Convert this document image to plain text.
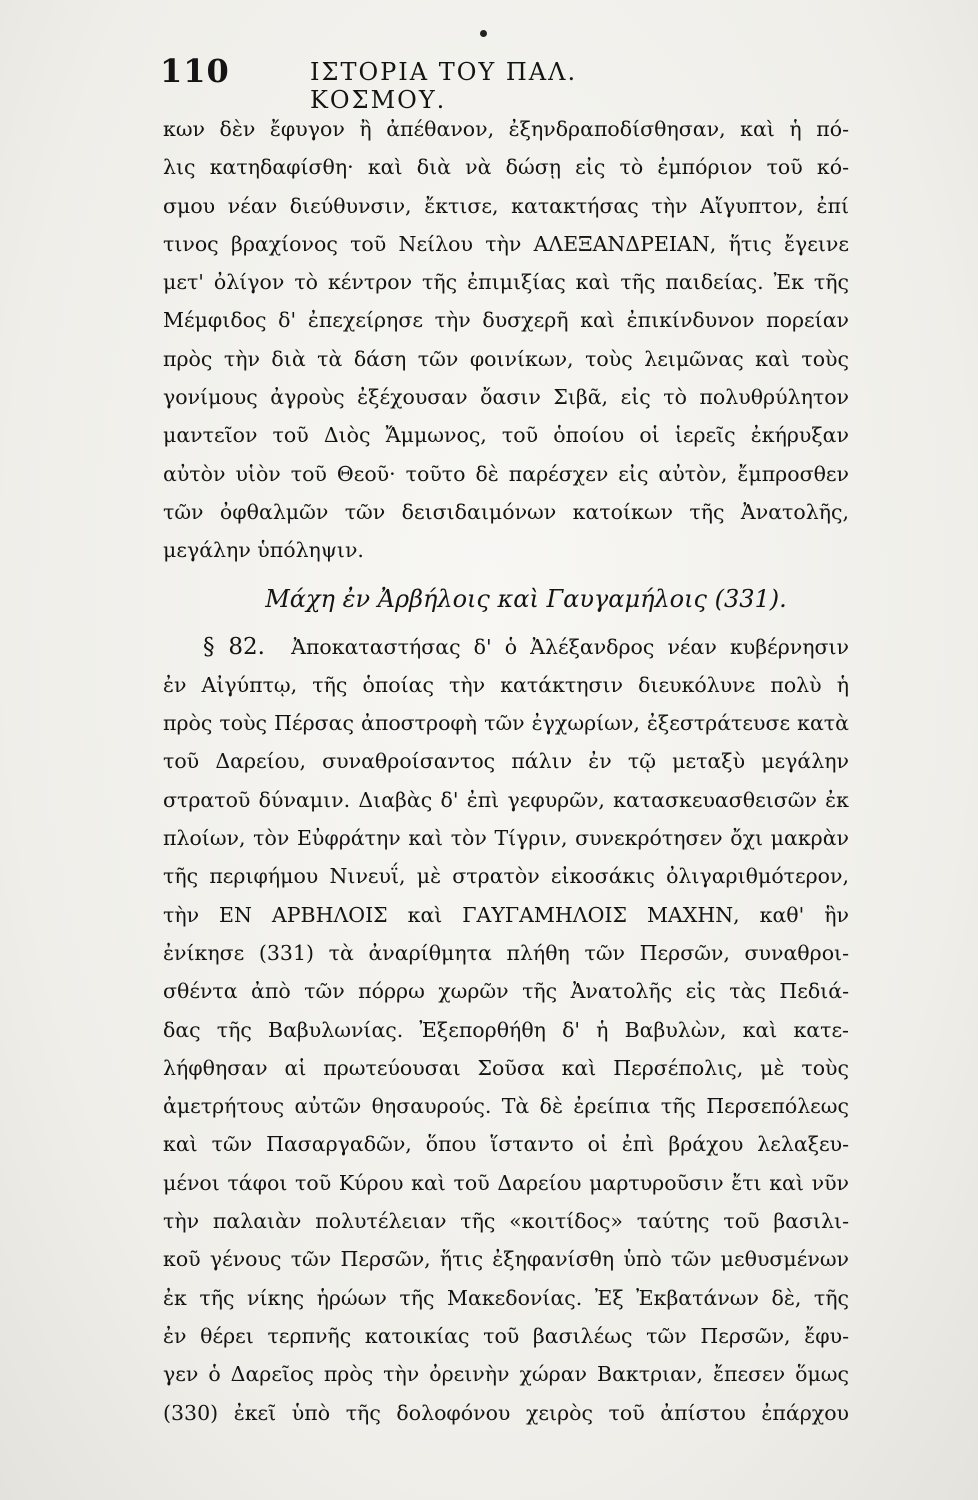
110	ΙΣΤΟΡΙΑ ΤΟΥ ΠΑΛ. ΚΟΣΜΟΥ.
κων δὲν ἔφυγον ἢ ἀπέθανον, ἐξηνδραποδίσθησαν, καὶ ἡ πό-
λις κατηδαφίσθη· καὶ διὰ νὰ δώσῃ εἰς τὸ ἐμπόριον τοῦ κό-
σμου νέαν διεύθυνσιν, ἔκτισε, κατακτήσας τὴν Αἴγυπτον, ἐπί
τινος βραχίονος τοῦ Νείλου τὴν ΑΛΕΞΑΝΔΡΕΙΑΝ, ἥτις ἔγεινε
μετ' ὀλίγον τὸ κέντρον τῆς ἐπιμιξίας καὶ τῆς παιδείας. Ἐκ τῆς
Μέμφιδος δ' ἐπεχείρησε τὴν δυσχερῆ καὶ ἐπικίνδυνον πορείαν
πρὸς τὴν διὰ τὰ δάση τῶν φοινίκων, τοὺς λειμῶνας καὶ τοὺς
γονίμους ἀγροὺς ἐξέχουσαν ὄασιν Σιβᾶ, εἰς τὸ πολυθρύλητον
μαντεῖον τοῦ Διὸς Ἄμμωνος, τοῦ ὁποίου οἱ ἱερεῖς ἐκήρυξαν
αὐτὸν υἱὸν τοῦ Θεοῦ· τοῦτο δὲ παρέσχεν εἰς αὐτὸν, ἔμπροσθεν
τῶν ὀφθαλμῶν τῶν δεισιδαιμόνων κατοίκων τῆς Ἀνατολῆς,
μεγάλην ὑπόληψιν.
Μάχη ἐν Ἀρβήλοις καὶ Γαυγαμήλοις (331).
§ 82. Ἀποκαταστήσας δ' ὁ Ἀλέξανδρος νέαν κυβέρνησιν
ἐν Αἰγύπτῳ, τῆς ὁποίας τὴν κατάκτησιν διευκόλυνε πολὺ ἡ
πρὸς τοὺς Πέρσας ἀποστροφὴ τῶν ἐγχωρίων, ἐξεστράτευσε κατὰ
τοῦ Δαρείου, συναθροίσαντος πάλιν ἐν τῷ μεταξὺ μεγάλην
στρατοῦ δύναμιν. Διαβὰς δ' ἐπὶ γεφυρῶν, κατασκευασθεισῶν ἐκ
πλοίων, τὸν Εὐφράτην καὶ τὸν Τίγριν, συνεκρότησεν ὄχι μακρὰν
τῆς περιφήμου Νινευΐ, μὲ στρατὸν εἰκοσάκις ὀλιγαριθμότερον,
τὴν ΕΝ ΑΡΒΗΛΟΙΣ καὶ ΓΑΥΓΑΜΗΛΟΙΣ ΜΑΧΗΝ, καθ' ἣν
ἐνίκησε (331) τὰ ἀναρίθμητα πλήθη τῶν Περσῶν, συναθροι-
σθέντα ἀπὸ τῶν πόρρω χωρῶν τῆς Ἀνατολῆς εἰς τὰς Πεδιά-
δας τῆς Βαβυλωνίας. Ἐξεπορθήθη δ' ἡ Βαβυλὼν, καὶ κατε-
λήφθησαν αἱ πρωτεύουσαι Σοῦσα καὶ Περσέπολις, μὲ τοὺς
ἀμετρήτους αὐτῶν θησαυρούς. Τὰ δὲ ἐρείπια τῆς Περσεπόλεως
καὶ τῶν Πασαργαδῶν, ὅπου ἵσταντο οἱ ἐπὶ βράχου λελαξευ-
μένοι τάφοι τοῦ Κύρου καὶ τοῦ Δαρείου μαρτυροῦσιν ἔτι καὶ νῦν
τὴν παλαιὰν πολυτέλειαν τῆς «κοιτίδος» ταύτης τοῦ βασιλι-
κοῦ γένους τῶν Περσῶν, ἥτις ἐξηφανίσθη ὑπὸ τῶν μεθυσμένων
ἐκ τῆς νίκης ἡρώων τῆς Μακεδονίας. Ἐξ Ἐκβατάνων δὲ, τῆς
ἐν θέρει τερπνῆς κατοικίας τοῦ βασιλέως τῶν Περσῶν, ἔφυ-
γεν ὁ Δαρεῖος πρὸς τὴν ὀρεινὴν χώραν Βακτριαν, ἔπεσεν ὅμως
(330) ἐκεῖ ὑπὸ τῆς δολοφόνου χειρὸς τοῦ ἀπίστου ἐπάρχου
